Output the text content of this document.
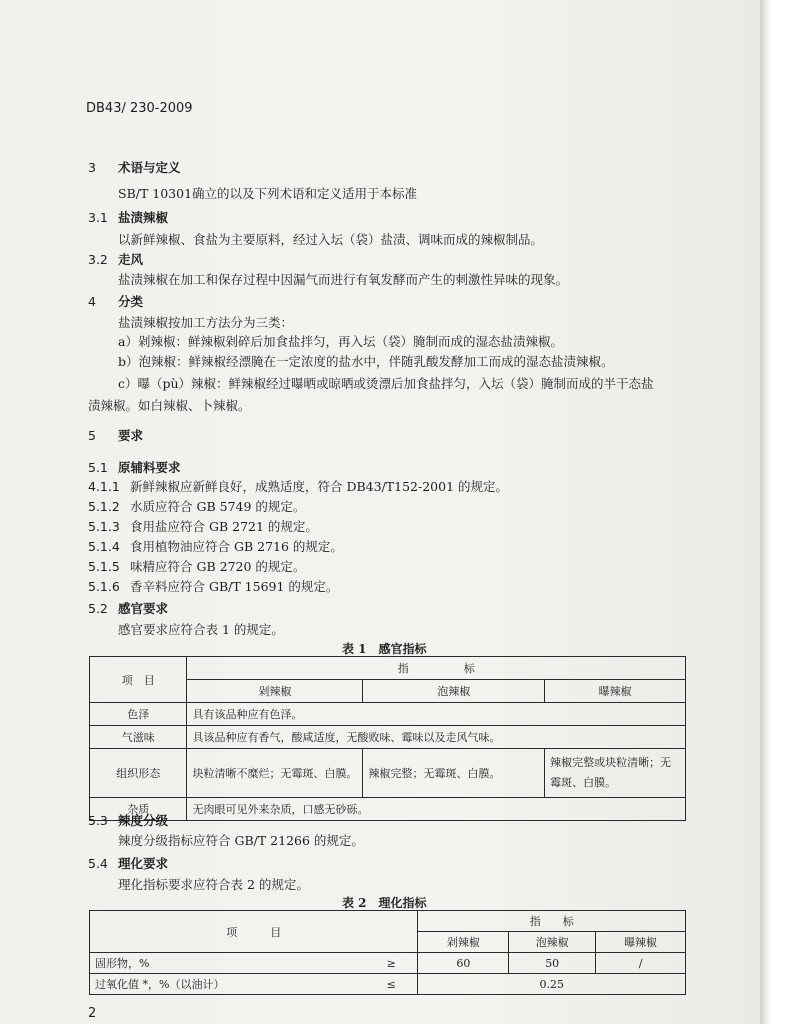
DB43/ 230-2009
3 术语与定义
SB/T 10301确立的以及下列术语和定义适用于本标准
3.1 盐渍辣椒
以新鲜辣椒、食盐为主要原料，经过入坛（袋）盐渍、调味而成的辣椒制品。
3.2 走风
盐渍辣椒在加工和保存过程中因漏气而进行有氧发酵而产生的刺激性异味的现象。
4 分类
盐渍辣椒按加工方法分为三类：
a）剁辣椒：鲜辣椒剁碎后加食盐拌匀，再入坛（袋）腌制而成的湿态盐渍辣椒。
b）泡辣椒：鲜辣椒经漂腌在一定浓度的盐水中，伴随乳酸发酵加工而成的湿态盐渍辣椒。
c）曝（pù）辣椒：鲜辣椒经过曝晒或晾晒或烫漂后加食盐拌匀，入坛（袋）腌制而成的半干态盐
渍辣椒。如白辣椒、卜辣椒。
5 要求
5.1 原辅料要求
4.1.1 新鲜辣椒应新鲜良好，成熟适度，符合 DB43/T152-2001 的规定。
5.1.2 水质应符合 GB 5749 的规定。
5.1.3 食用盐应符合 GB 2721 的规定。
5.1.4 食用植物油应符合 GB 2716 的规定。
5.1.5 味精应符合 GB 2720 的规定。
5.1.6 香辛料应符合 GB/T 15691 的规定。
5.2 感官要求
感官要求应符合表 1 的规定。
表 1　感官指标
项　目	指　　　　　标		
	剁辣椒	泡辣椒	曝辣椒
色泽	具有该品种应有色泽。		
气滋味	具该品种应有香气，酸咸适度，无酸败味、霉味以及走风气味。		
组织形态	块粒清晰不糜烂；无霉斑、白膜。	辣椒完整；无霉斑、白膜。	辣椒完整或块粒清晰；无霉斑、白膜。
杂质	无肉眼可见外来杂质，口感无砂砾。		
5.3 辣度分级
辣度分级指标应符合 GB/T 21266 的规定。
5.4 理化要求
理化指标要求应符合表 2 的规定。
表 2　理化指标
项　　　目		指　　标		
		剁辣椒	泡辣椒	曝辣椒
固形物，%	≥	60	50	/
过氧化值 *，%（以油计）	≤	0.25		
2
